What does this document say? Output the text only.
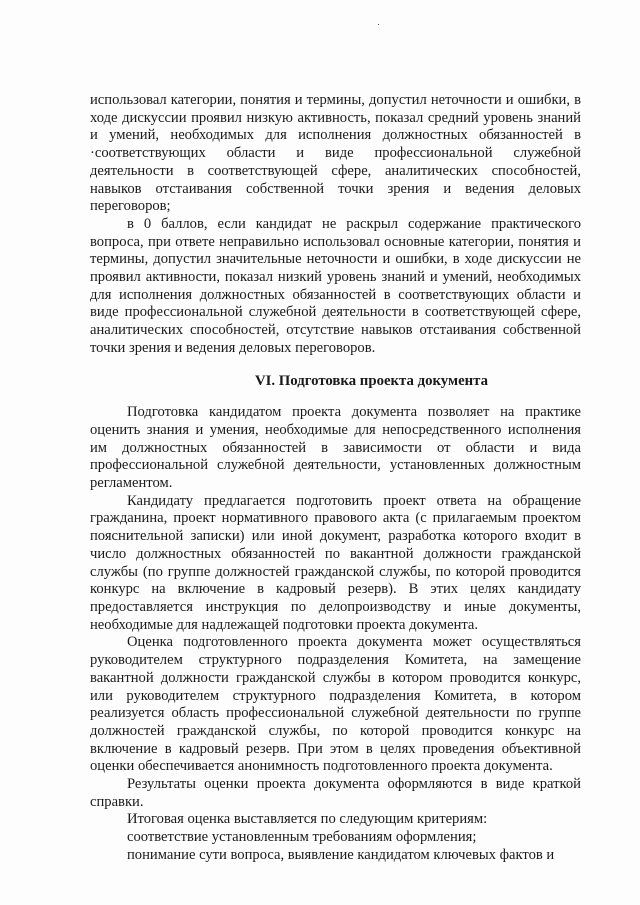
использовал категории, понятия и термины, допустил неточности и ошибки, в ходе дискуссии проявил низкую активность, показал средний уровень знаний и умений, необходимых для исполнения должностных обязанностей в ·соответствующих области и виде профессиональной служебной деятельности в соответствующей сфере, аналитических способностей, навыков отстаивания собственной точки зрения и ведения деловых переговоров;

в 0 баллов, если кандидат не раскрыл содержание практического вопроса, при ответе неправильно использовал основные категории, понятия и термины, допустил значительные неточности и ошибки, в ходе дискуссии не проявил активности, показал низкий уровень знаний и умений, необходимых для исполнения должностных обязанностей в соответствующих области и виде профессиональной служебной деятельности в соответствующей сфере, аналитических способностей, отсутствие навыков отстаивания собственной точки зрения и ведения деловых переговоров.

VI. Подготовка проекта документа

Подготовка кандидатом проекта документа позволяет на практике оценить знания и умения, необходимые для непосредственного исполнения им должностных обязанностей в зависимости от области и вида профессиональной служебной деятельности, установленных должностным регламентом.

Кандидату предлагается подготовить проект ответа на обращение гражданина, проект нормативного правового акта (с прилагаемым проектом пояснительной записки) или иной документ, разработка которого входит в число должностных обязанностей по вакантной должности гражданской службы (по группе должностей гражданской службы, по которой проводится конкурс на включение в кадровый резерв). В этих целях кандидату предоставляется инструкция по делопроизводству и иные документы, необходимые для надлежащей подготовки проекта документа.

Оценка подготовленного проекта документа может осуществляться руководителем структурного подразделения Комитета, на замещение вакантной должности гражданской службы в котором проводится конкурс, или руководителем структурного подразделения Комитета, в котором реализуется область профессиональной служебной деятельности по группе должностей гражданской службы, по которой проводится конкурс на включение в кадровый резерв. При этом в целях проведения объективной оценки обеспечивается анонимность подготовленного проекта документа.

Результаты оценки проекта документа оформляются в виде краткой справки.

Итоговая оценка выставляется по следующим критериям:

соответствие установленным требованиям оформления;

понимание сути вопроса, выявление кандидатом ключевых фактов и
